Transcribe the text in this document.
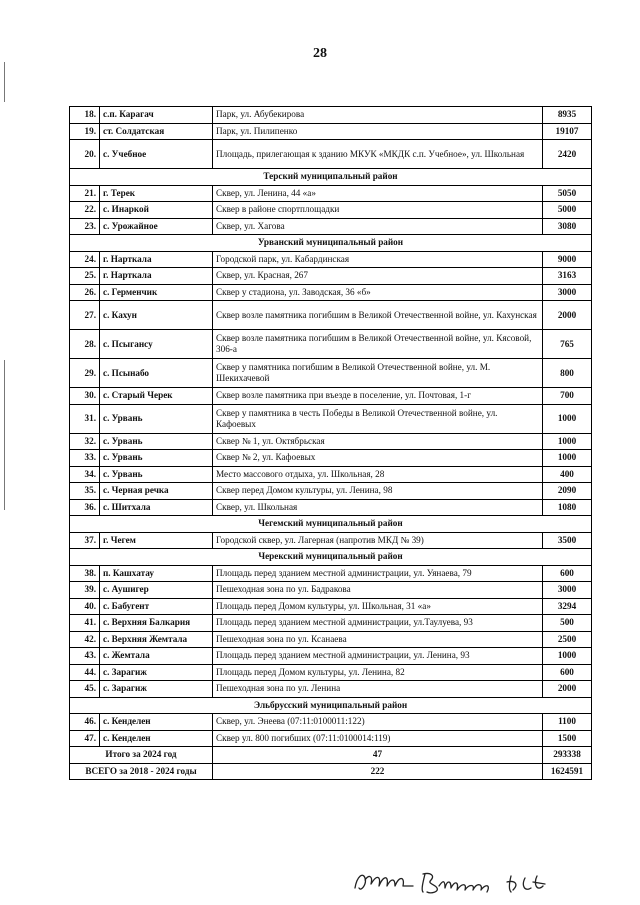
28
18.	с.п. Карагач	Парк, ул. Абубекирова	8935
19.	ст. Солдатская	Парк, ул. Пилипенко	19107
20.	с. Учебное	Площадь, прилегающая к зданию МКУК «МКДК с.п. Учебное», ул. Школьная	2420
Терский муниципальный район			
21.	г. Терек	Сквер, ул. Ленина, 44 «а»	5050
22.	с. Инаркой	Сквер в районе спортплощадки	5000
23.	с. Урожайное	Сквер, ул. Хагова	3080
Урванский муниципальный район			
24.	г. Нарткала	Городской парк, ул. Кабардинская	9000
25.	г. Нарткала	Сквер, ул. Красная, 267	3163
26.	с. Герменчик	Сквер у стадиона, ул. Заводская, 36 «б»	3000
27.	с. Кахун	Сквер возле памятника погибшим в Великой Отечественной войне, ул. Кахунская	2000
28.	с. Псыгансу	Сквер возле памятника погибшим в Великой Отечественной войне, ул. Кясовой, 306-а	765
29.	с. Псынабо	Сквер у памятника погибшим в Великой Отечественной войне, ул. М. Шекихачевой	800
30.	с. Старый Черек	Сквер возле памятника при въезде в поселение, ул. Почтовая, 1-г	700
31.	с. Урвань	Сквер у памятника в честь Победы в Великой Отечественной войне, ул. Кафоевых	1000
32.	с. Урвань	Сквер № 1, ул. Октябрьская	1000
33.	с. Урвань	Сквер № 2, ул. Кафоевых	1000
34.	с. Урвань	Место массового отдыха, ул. Школьная, 28	400
35.	с. Черная речка	Сквер перед Домом культуры, ул. Ленина, 98	2090
36.	с. Шитхала	Сквер, ул. Школьная	1080
Чегемский муниципальный район			
37.	г. Чегем	Городской сквер, ул. Лагерная (напротив МКД № 39)	3500
Черекский муниципальный район			
38.	п. Кашхатау	Площадь перед зданием местной администрации, ул. Уянаева, 79	600
39.	с. Аушигер	Пешеходная зона по ул. Бадракова	3000
40.	с. Бабугент	Площадь перед Домом культуры, ул. Школьная, 31 «а»	3294
41.	с. Верхняя Балкария	Площадь перед зданием местной администрации, ул.Таулуева, 93	500
42.	с. Верхняя Жемтала	Пешеходная зона по ул. Ксанаева	2500
43.	с. Жемтала	Площадь перед зданием местной администрации, ул. Ленина, 93	1000
44.	с. Зарагиж	Площадь перед Домом культуры, ул. Ленина, 82	600
45.	с. Зарагиж	Пешеходная зона по ул. Ленина	2000
Эльбрусский муниципальный район			
46.	с. Кенделен	Сквер, ул. Энеева (07:11:0100011:122)	1100
47.	с. Кенделен	Сквер ул. 800 погибших (07:11:0100014:119)	1500
Итого за 2024 год		47	293338
ВСЕГО за 2018 - 2024 годы		222	1624591
